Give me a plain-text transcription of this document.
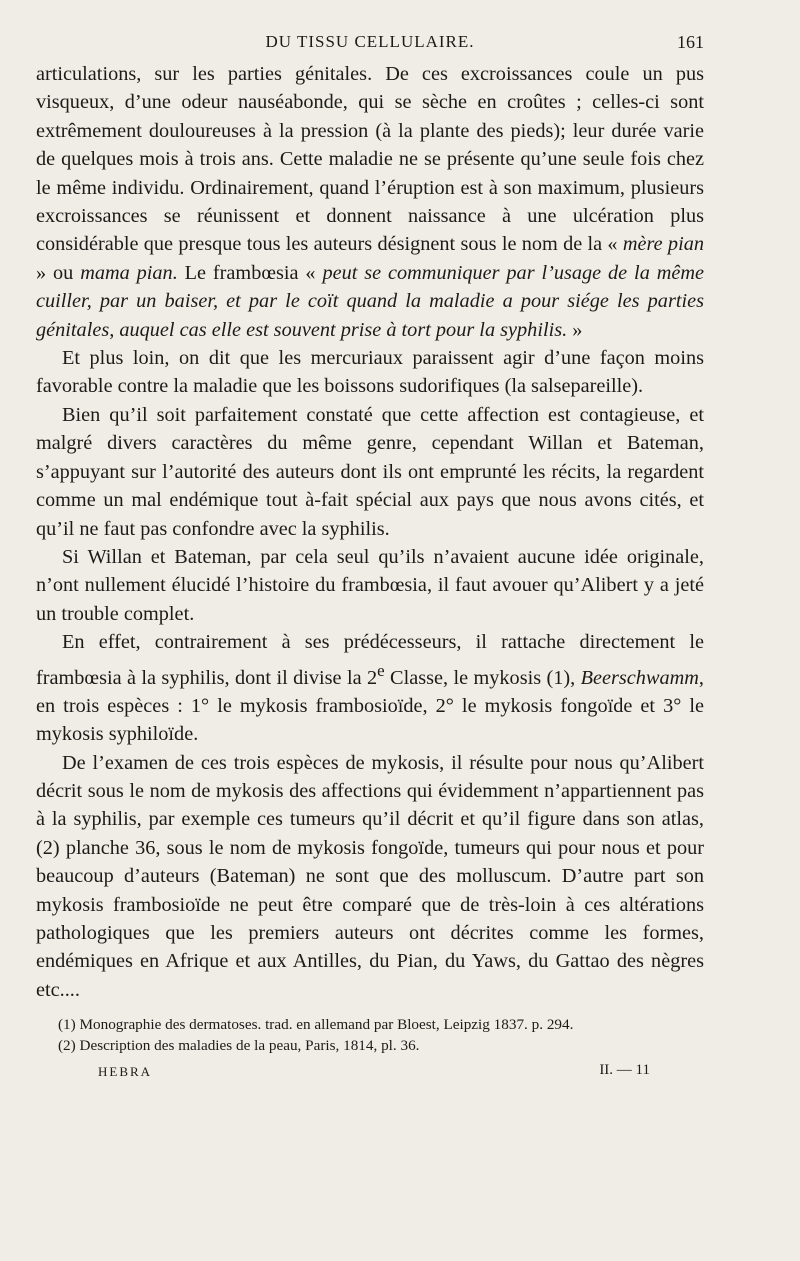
DU TISSU CELLULAIRE.	161

articulations, sur les parties génitales. De ces excroissances coule un pus visqueux, d’une odeur nauséabonde, qui se sèche en croûtes ; celles-ci sont extrêmement douloureuses à la pression (à la plante des pieds); leur durée varie de quelques mois à trois ans. Cette maladie ne se présente qu’une seule fois chez le même individu. Ordinairement, quand l’éruption est à son maximum, plusieurs excroissances se réunissent et donnent naissance à une ulcération plus considérable que presque tous les auteurs désignent sous le nom de la « mère pian » ou mama pian. Le frambœsia « peut se communiquer par l’usage de la même cuiller, par un baiser, et par le coït quand la maladie a pour siége les parties génitales, auquel cas elle est souvent prise à tort pour la syphilis. »

Et plus loin, on dit que les mercuriaux paraissent agir d’une façon moins favorable contre la maladie que les boissons sudorifiques (la salsepareille).

Bien qu’il soit parfaitement constaté que cette affection est contagieuse, et malgré divers caractères du même genre, cependant Willan et Bateman, s’appuyant sur l’autorité des auteurs dont ils ont emprunté les récits, la regardent comme un mal endémique tout à-fait spécial aux pays que nous avons cités, et qu’il ne faut pas confondre avec la syphilis.

Si Willan et Bateman, par cela seul qu’ils n’avaient aucune idée originale, n’ont nullement élucidé l’histoire du frambœsia, il faut avouer qu’Alibert y a jeté un trouble complet.

En effet, contrairement à ses prédécesseurs, il rattache directement le frambœsia à la syphilis, dont il divise la 2e Classe, le mykosis (1), Beerschwamm, en trois espèces : 1° le mykosis frambosioïde, 2° le mykosis fongoïde et 3° le mykosis syphiloïde.

De l’examen de ces trois espèces de mykosis, il résulte pour nous qu’Alibert décrit sous le nom de mykosis des affections qui évidemment n’appartiennent pas à la syphilis, par exemple ces tumeurs qu’il décrit et qu’il figure dans son atlas, (2) planche 36, sous le nom de mykosis fongoïde, tumeurs qui pour nous et pour beaucoup d’auteurs (Bateman) ne sont que des molluscum. D’autre part son mykosis frambosioïde ne peut être comparé que de très-loin à ces altérations pathologiques que les premiers auteurs ont décrites comme les formes, endémiques en Afrique et aux Antilles, du Pian, du Yaws, du Gattao des nègres etc....

(1) Monographie des dermatoses. trad. en allemand par Bloest, Leipzig 1837. p. 294.
(2) Description des maladies de la peau, Paris, 1814, pl. 36.
HEBRA	II. — 11
